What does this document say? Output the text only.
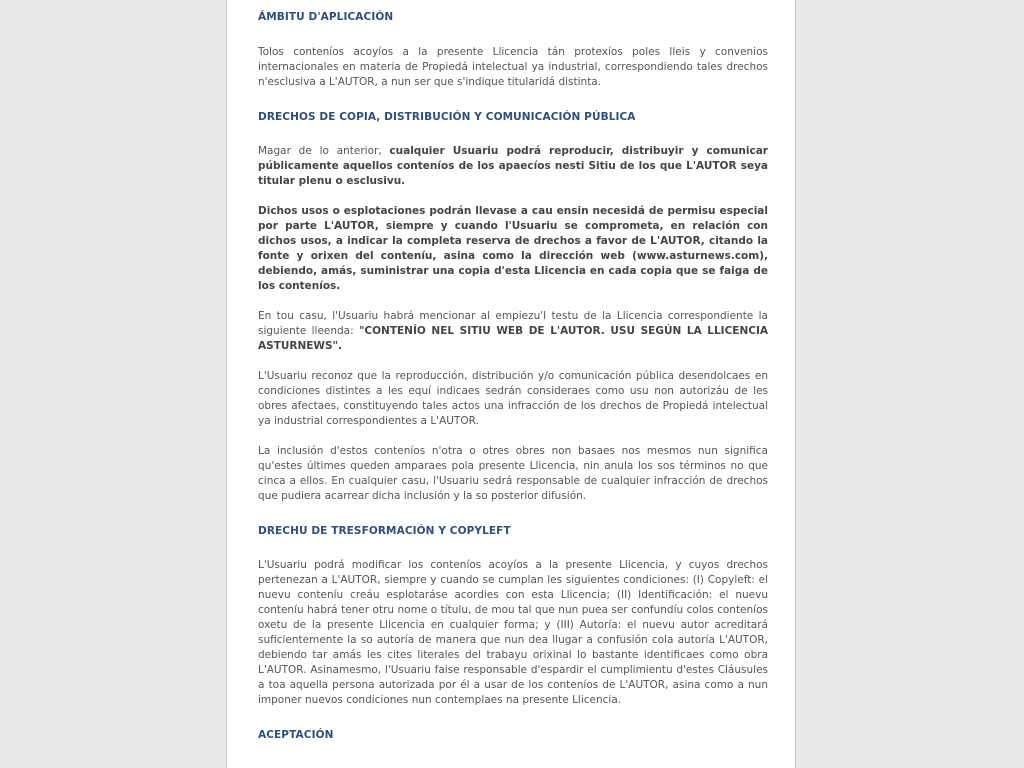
ÁMBITU D'APLICACIÓN

Tolos conteníos acoyíos a la presente Llicencia tán protexíos poles lleis y convenios internacionales en materia de Propiedá intelectual ya industrial, correspondiendo tales drechos n'esclusiva a L'AUTOR, a nun ser que s'indique titularidá distinta.

DRECHOS DE COPIA, DISTRIBUCIÓN Y COMUNICACIÓN PÚBLICA

Magar de lo anterior, cualquier Usuariu podrá reproducir, distribuyir y comunicar públicamente aquellos conteníos de los apaecíos nesti Sitiu de los que L'AUTOR seya titular plenu o esclusivu.

Dichos usos o esplotaciones podrán llevase a cau ensin necesidá de permisu especial por parte L'AUTOR, siempre y cuando l'Usuariu se comprometa, en relación con dichos usos, a indicar la completa reserva de drechos a favor de L'AUTOR, citando la fonte y orixen del conteníu, asina como la dirección web (www.asturnews.com), debiendo, amás, suministrar una copia d'esta Llicencia en cada copia que se faiga de los conteníos.

En tou casu, l'Usuariu habrá mencionar al empiezu'l testu de la Llicencia correspondiente la siguiente lleenda: "CONTENÍO NEL SITIU WEB DE L'AUTOR. USU SEGÚN LA LLICENCIA ASTURNEWS".

L'Usuariu reconoz que la reproducción, distribución y/o comunicación pública desendolcaes en condiciones distintes a les equí indicaes sedrán consideraes como usu non autorizáu de les obres afectaes, constituyendo tales actos una infracción de los drechos de Propiedá intelectual ya industrial correspondientes a L'AUTOR.

La inclusión d'estos conteníos n'otra o otres obres non basaes nos mesmos nun significa qu'estes últimes queden amparaes pola presente Llicencia, nin anula los sos términos no que cinca a ellos. En cualquier casu, l'Usuariu sedrá responsable de cualquier infracción de drechos que pudiera acarrear dicha inclusión y la so posterior difusión.

DRECHU DE TRESFORMACIÓN Y COPYLEFT

L'Usuariu podrá modificar los conteníos acoyíos a la presente Llicencia, y cuyos drechos pertenezan a L'AUTOR, siempre y cuando se cumplan les siguientes condiciones: (I) Copyleft: el nuevu conteníu creáu esplotaráse acordies con esta Llicencia; (II) Identificación: el nuevu conteníu habrá tener otru nome o títulu, de mou tal que nun puea ser confundíu colos conteníos oxetu de la presente Llicencia en cualquier forma; y (III) Autoría: el nuevu autor acreditará suficientemente la so autoría de manera que nun dea llugar a confusión cola autoría L'AUTOR, debiendo tar amás les cites literales del trabayu orixinal lo bastante identificaes como obra L'AUTOR. Asinamesmo, l'Usuariu faise responsable d'espardir el cumplimientu d'estes Cláusules a toa aquella persona autorizada por él a usar de los conteníos de L'AUTOR, asina como a nun imponer nuevos condiciones nun contemplaes na presente Llicencia.

ACEPTACIÓN
